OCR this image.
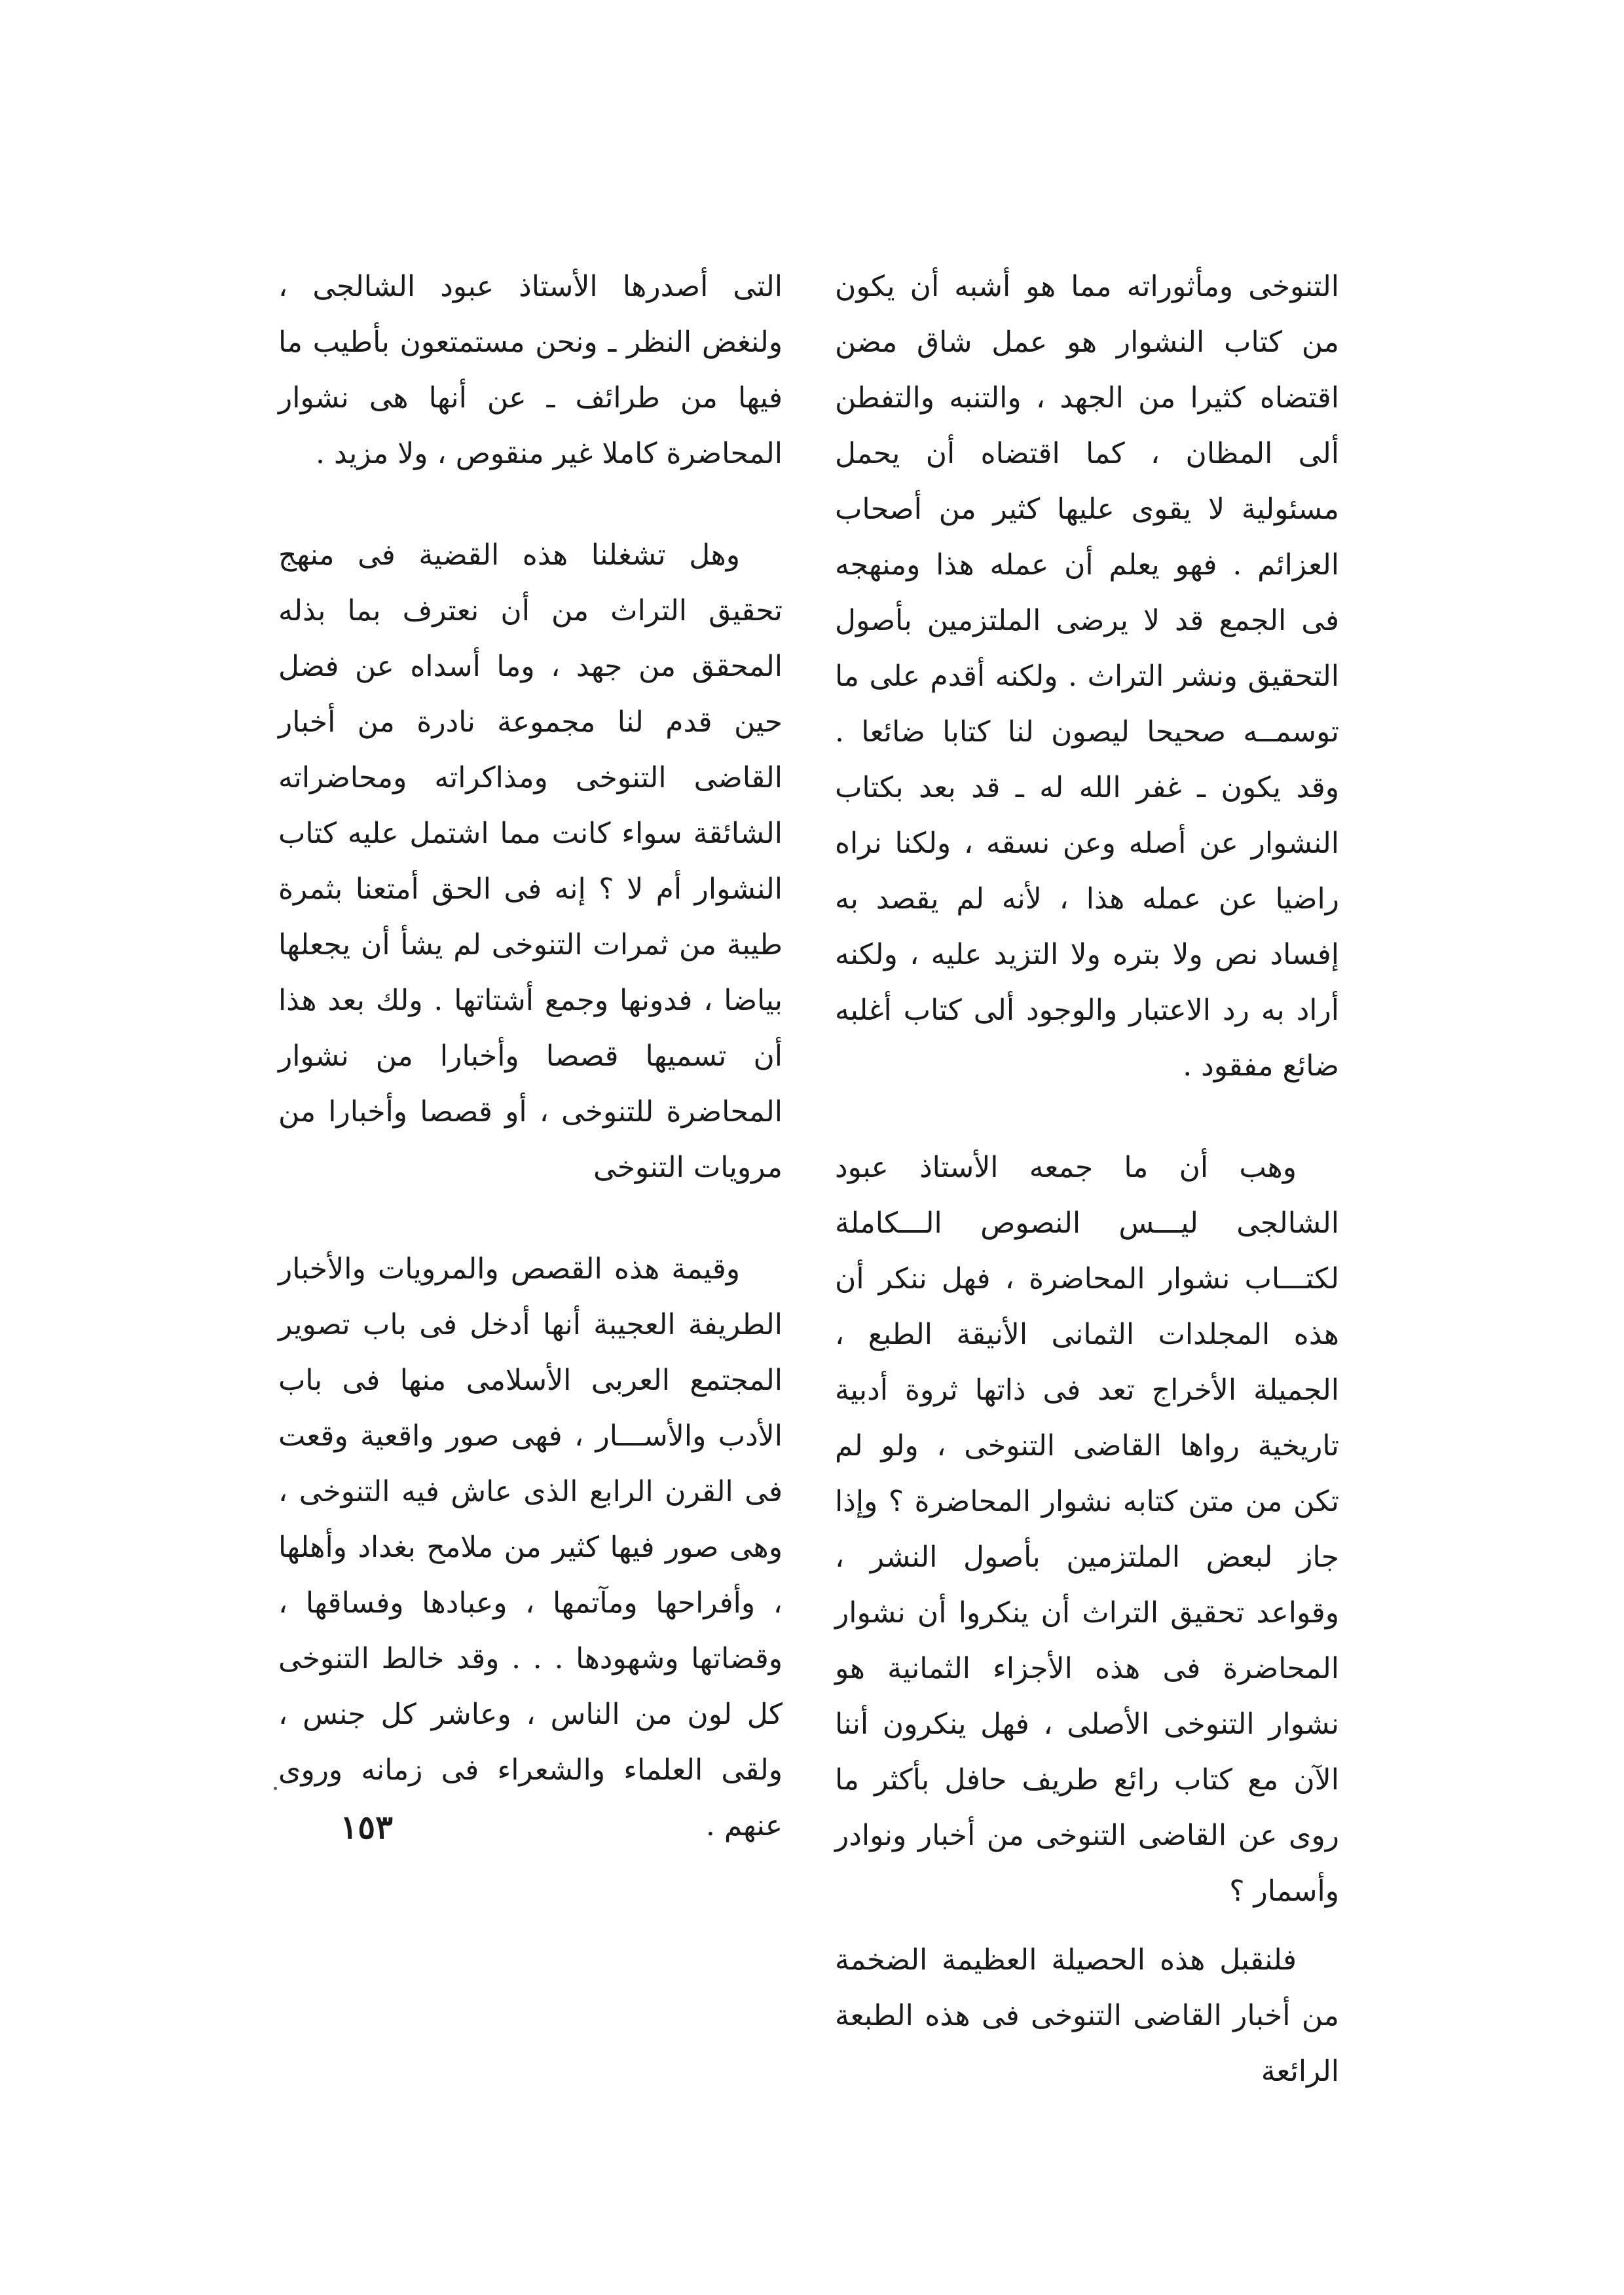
التنوخى ومأثوراته مما هو أشبه أن يكون من كتاب النشوار هو عمل شاق مضن اقتضاه كثيرا من الجهد ، والتنبه والتفطن ألى المظان ، كما اقتضاه أن يحمل مسئولية لا يقوى عليها كثير من أصحاب العزائم . فهو يعلم أن عمله هذا ومنهجه فى الجمع قد لا يرضى الملتزمين بأصول التحقيق ونشر التراث . ولكنه أقدم على ما توسمــه صحيحا ليصون لنا كتابا ضائعا . وقد يكون ـ غفر الله له ـ قد بعد بكتاب النشوار عن أصله وعن نسقه ، ولكنا نراه راضيا عن عمله هذا ، لأنه لم يقصد به إفساد نص ولا بتره ولا التزيد عليه ، ولكنه أراد به رد الاعتبار والوجود ألى كتاب أغلبه ضائع مفقود .

وهب أن ما جمعه الأستاذ عبود الشالجى ليـــس النصوص الـــكاملة لكتـــاب نشوار المحاضرة ، فهل ننكر أن هذه المجلدات الثمانى الأنيقة الطبع ، الجميلة الأخراج تعد فى ذاتها ثروة أدبية تاريخية رواها القاضى التنوخى ، ولو لم تكن من متن كتابه نشوار المحاضرة ؟ وإذا جاز لبعض الملتزمين بأصول النشر ، وقواعد تحقيق التراث أن ينكروا أن نشوار المحاضرة فى هذه الأجزاء الثمانية هو نشوار التنوخى الأصلى ، فهل ينكرون أننا الآن مع كتاب رائع طريف حافل بأكثر ما روى عن القاضى التنوخى من أخبار ونوادر وأسمار ؟

فلنقبل هذه الحصيلة العظيمة الضخمة من أخبار القاضى التنوخى فى هذه الطبعة الرائعة

التى أصدرها الأستاذ عبود الشالجى ، ولنغض النظر ـ ونحن مستمتعون بأطيب ما فيها من طرائف ـ عن أنها هى نشوار المحاضرة كاملا غير منقوص ، ولا مزيد .

وهل تشغلنا هذه القضية فى منهج تحقيق التراث من أن نعترف بما بذله المحقق من جهد ، وما أسداه عن فضل حين قدم لنا مجموعة نادرة من أخبار القاضى التنوخى ومذاكراته ومحاضراته الشائقة سواء كانت مما اشتمل عليه كتاب النشوار أم لا ؟ إنه فى الحق أمتعنا بثمرة طيبة من ثمرات التنوخى لم يشأ أن يجعلها بياضا ، فدونها وجمع أشتاتها . ولك بعد هذا أن تسميها قصصا وأخبارا من نشوار المحاضرة للتنوخى ، أو قصصا وأخبارا من مرويات التنوخى

وقيمة هذه القصص والمرويات والأخبار الطريفة العجيبة أنها أدخل فى باب تصوير المجتمع العربى الأسلامى منها فى باب الأدب والأســـار ، فهى صور واقعية وقعت فى القرن الرابع الذى عاش فيه التنوخى ، وهى صور فيها كثير من ملامح بغداد وأهلها ، وأفراحها ومآتمها ، وعبادها وفساقها ، وقضاتها وشهودها . . . وقد خالط التنوخى كل لون من الناس ، وعاشر كل جنس ، ولقى العلماء والشعراء فى زمانه وروى عنهم .

١٥٣
